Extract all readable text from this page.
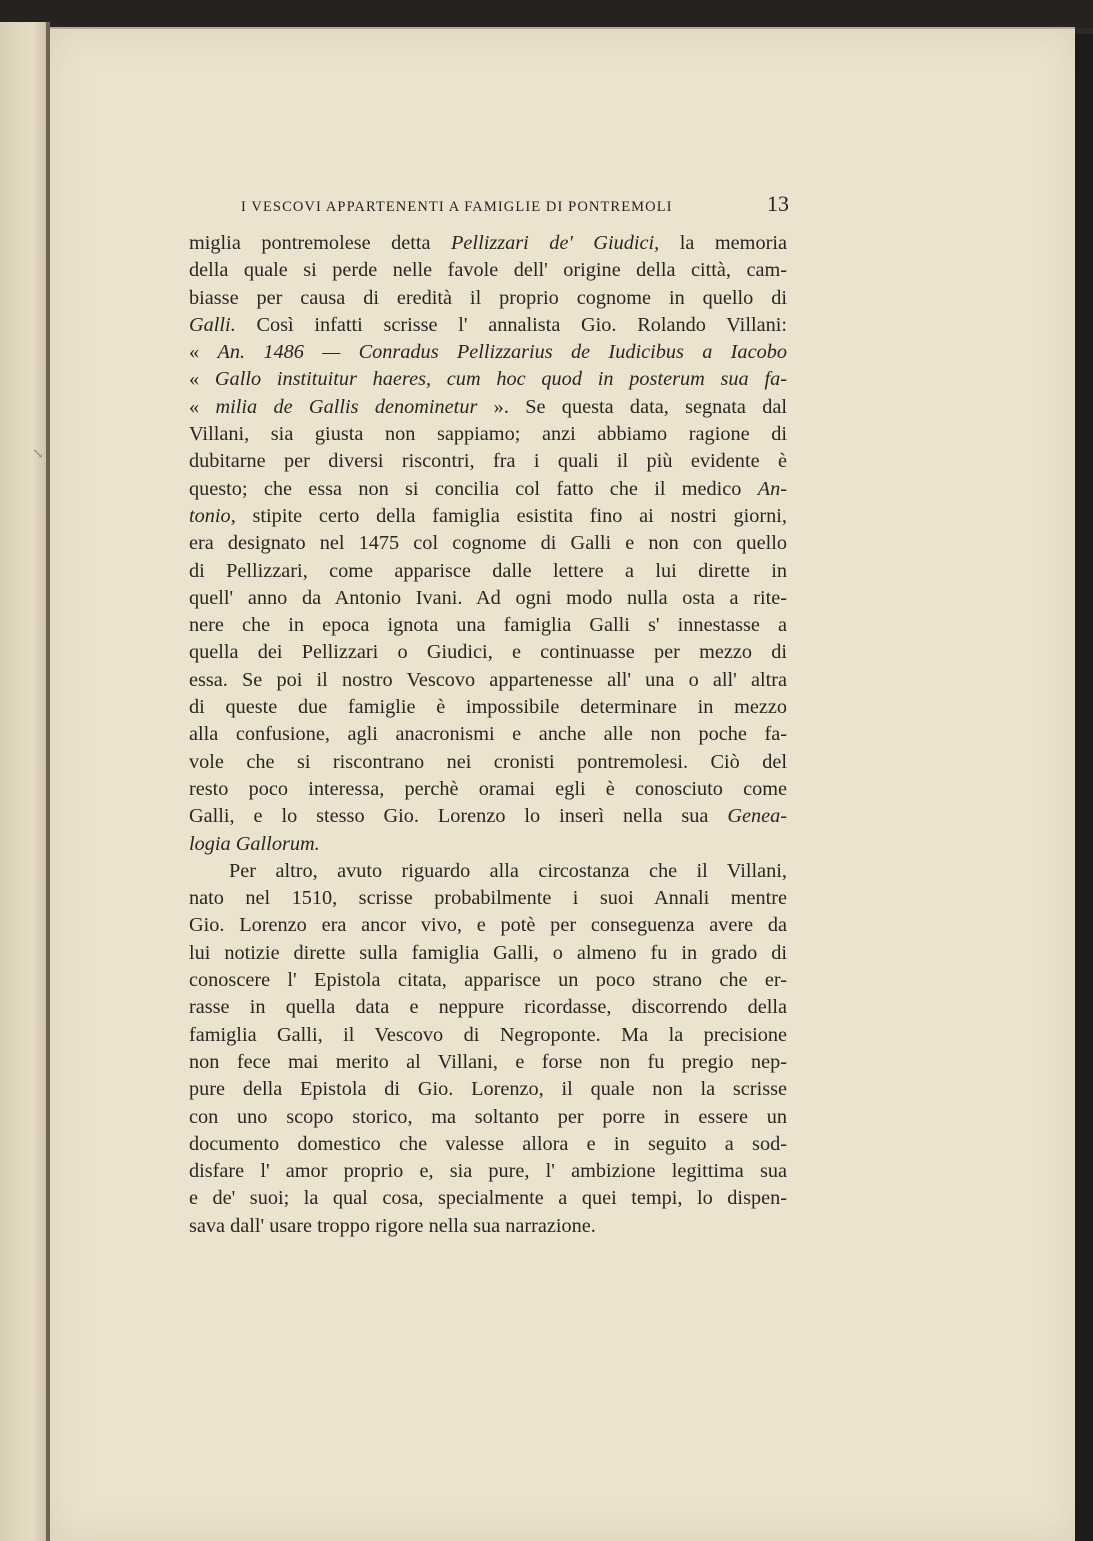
↘
I VESCOVI APPARTENENTI A FAMIGLIE DI PONTREMOLI	13
miglia pontremolese detta Pellizzari de' Giudici, la memoria
della quale si perde nelle favole dell' origine della città, cam-
biasse per causa di eredità il proprio cognome in quello di
Galli. Così infatti scrisse l' annalista Gio. Rolando Villani:
« An. 1486 — Conradus Pellizzarius de Iudicibus a Iacobo
« Gallo instituitur haeres, cum hoc quod in posterum sua fa-
« milia de Gallis denominetur ». Se questa data, segnata dal
Villani, sia giusta non sappiamo; anzi abbiamo ragione di
dubitarne per diversi riscontri, fra i quali il più evidente è
questo; che essa non si concilia col fatto che il medico An-
tonio, stipite certo della famiglia esistita fino ai nostri giorni,
era designato nel 1475 col cognome di Galli e non con quello
di Pellizzari, come apparisce dalle lettere a lui dirette in
quell' anno da Antonio Ivani. Ad ogni modo nulla osta a rite-
nere che in epoca ignota una famiglia Galli s' innestasse a
quella dei Pellizzari o Giudici, e continuasse per mezzo di
essa. Se poi il nostro Vescovo appartenesse all' una o all' altra
di queste due famiglie è impossibile determinare in mezzo
alla confusione, agli anacronismi e anche alle non poche fa-
vole che si riscontrano nei cronisti pontremolesi. Ciò del
resto poco interessa, perchè oramai egli è conosciuto come
Galli, e lo stesso Gio. Lorenzo lo inserì nella sua Genea-
logia Gallorum.
Per altro, avuto riguardo alla circostanza che il Villani,
nato nel 1510, scrisse probabilmente i suoi Annali mentre
Gio. Lorenzo era ancor vivo, e potè per conseguenza avere da
lui notizie dirette sulla famiglia Galli, o almeno fu in grado di
conoscere l' Epistola citata, apparisce un poco strano che er-
rasse in quella data e neppure ricordasse, discorrendo della
famiglia Galli, il Vescovo di Negroponte. Ma la precisione
non fece mai merito al Villani, e forse non fu pregio nep-
pure della Epistola di Gio. Lorenzo, il quale non la scrisse
con uno scopo storico, ma soltanto per porre in essere un
documento domestico che valesse allora e in seguito a sod-
disfare l' amor proprio e, sia pure, l' ambizione legittima sua
e de' suoi; la qual cosa, specialmente a quei tempi, lo dispen-
sava dall' usare troppo rigore nella sua narrazione.
